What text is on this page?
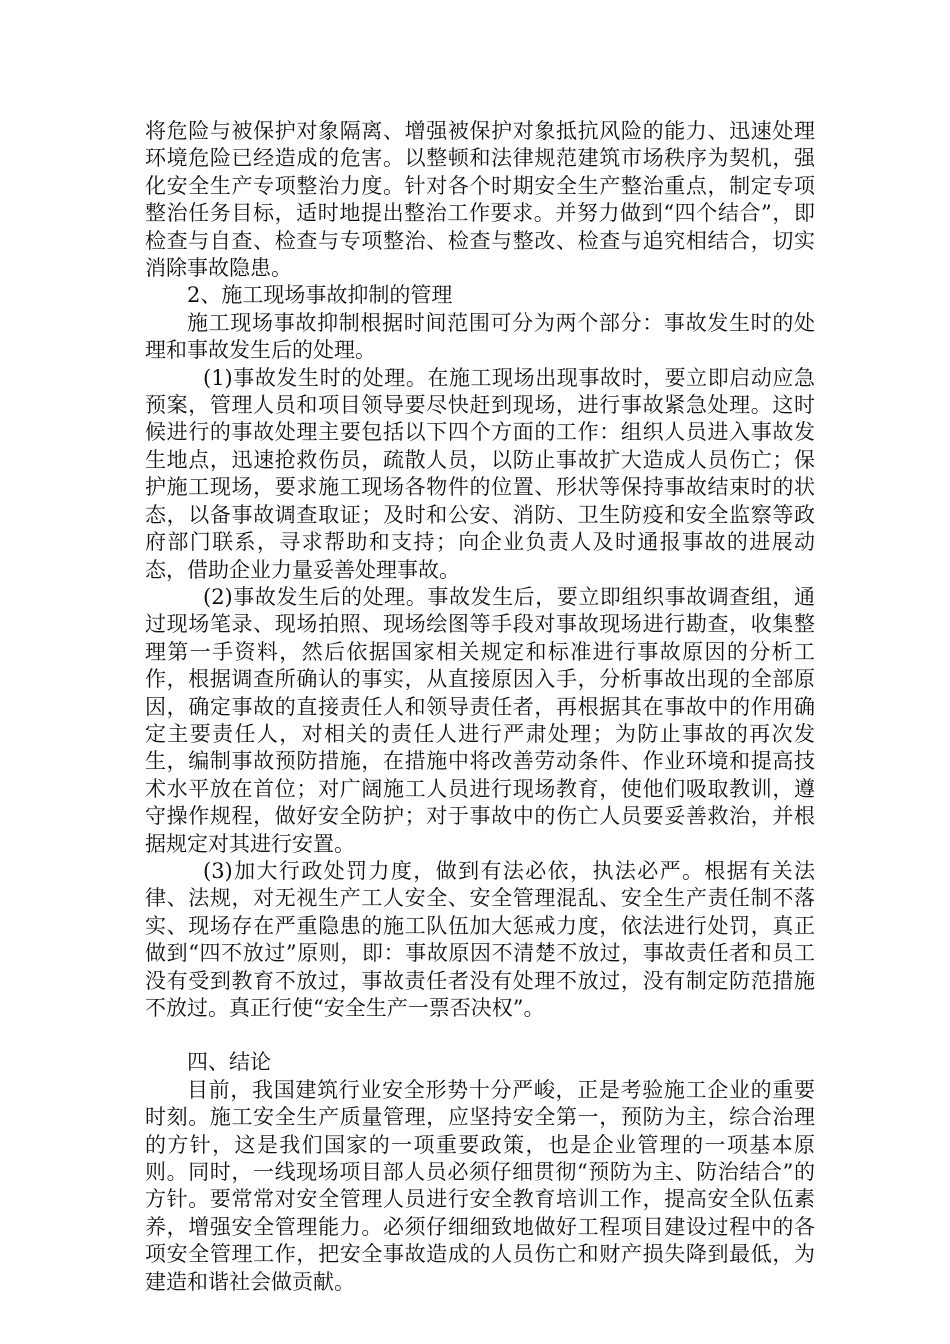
将危险与被保护对象隔离、增强被保护对象抵抗风险的能力、迅速处理环境危险已经造成的危害。以整顿和法律规范建筑市场秩序为契机，强化安全生产专项整治力度。针对各个时期安全生产整治重点，制定专项整治任务目标，适时地提出整治工作要求。并努力做到“四个结合”，即检查与自查、检查与专项整治、检查与整改、检查与追究相结合，切实消除事故隐患。

2、施工现场事故抑制的管理

施工现场事故抑制根据时间范围可分为两个部分：事故发生时的处理和事故发生后的处理。

(1)事故发生时的处理。在施工现场出现事故时，要立即启动应急预案，管理人员和项目领导要尽快赶到现场，进行事故紧急处理。这时候进行的事故处理主要包括以下四个方面的工作：组织人员进入事故发生地点，迅速抢救伤员，疏散人员，以防止事故扩大造成人员伤亡；保护施工现场，要求施工现场各物件的位置、形状等保持事故结束时的状态，以备事故调查取证；及时和公安、消防、卫生防疫和安全监察等政府部门联系，寻求帮助和支持；向企业负责人及时通报事故的进展动态，借助企业力量妥善处理事故。

(2)事故发生后的处理。事故发生后，要立即组织事故调查组，通过现场笔录、现场拍照、现场绘图等手段对事故现场进行勘查，收集整理第一手资料，然后依据国家相关规定和标准进行事故原因的分析工作，根据调查所确认的事实，从直接原因入手，分析事故出现的全部原因，确定事故的直接责任人和领导责任者，再根据其在事故中的作用确定主要责任人，对相关的责任人进行严肃处理；为防止事故的再次发生，编制事故预防措施，在措施中将改善劳动条件、作业环境和提高技术水平放在首位；对广阔施工人员进行现场教育，使他们吸取教训，遵守操作规程，做好安全防护；对于事故中的伤亡人员要妥善救治，并根据规定对其进行安置。

(3)加大行政处罚力度，做到有法必依，执法必严。根据有关法律、法规，对无视生产工人安全、安全管理混乱、安全生产责任制不落实、现场存在严重隐患的施工队伍加大惩戒力度，依法进行处罚，真正做到“四不放过”原则，即：事故原因不清楚不放过，事故责任者和员工没有受到教育不放过，事故责任者没有处理不放过，没有制定防范措施不放过。真正行使“安全生产一票否决权”。

四、结论

目前，我国建筑行业安全形势十分严峻，正是考验施工企业的重要时刻。施工安全生产质量管理，应坚持安全第一，预防为主，综合治理的方针，这是我们国家的一项重要政策，也是企业管理的一项基本原则。同时，一线现场项目部人员必须仔细贯彻“预防为主、防治结合”的方针。要常常对安全管理人员进行安全教育培训工作，提高安全队伍素养，增强安全管理能力。必须仔细细致地做好工程项目建设过程中的各项安全管理工作，把安全事故造成的人员伤亡和财产损失降到最低，为建造和谐社会做贡献。
